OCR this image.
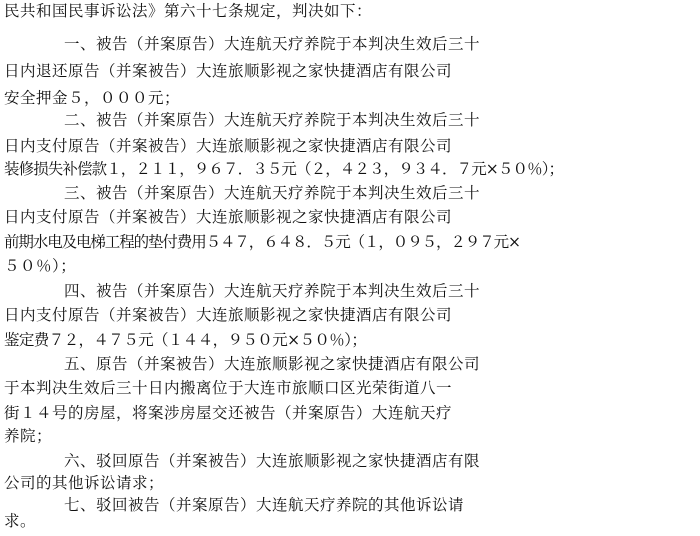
民共和国民事诉讼法》第六十七条规定，判决如下：
一、被告（并案原告）大连航天疗养院于本判决生效后三十
日内退还原告（并案被告）大连旅顺影视之家快捷酒店有限公司
安全押金５，０００元；
二、被告（并案原告）大连航天疗养院于本判决生效后三十
日内支付原告（并案被告）大连旅顺影视之家快捷酒店有限公司
装修损失补偿款１，２１１，９６７．３５元（２，４２３，９３４．７元×５０％）；
三、被告（并案原告）大连航天疗养院于本判决生效后三十
日内支付原告（并案被告）大连旅顺影视之家快捷酒店有限公司
前期水电及电梯工程的垫付费用５４７，６４８．５元（１，０９５，２９７元×
５０％）；
四、被告（并案原告）大连航天疗养院于本判决生效后三十
日内支付原告（并案被告）大连旅顺影视之家快捷酒店有限公司
鉴定费７２，４７５元（１４４，９５０元×５０％）；
五、原告（并案被告）大连旅顺影视之家快捷酒店有限公司
于本判决生效后三十日内搬离位于大连市旅顺口区光荣街道八一
街１４号的房屋，将案涉房屋交还被告（并案原告）大连航天疗
养院；
六、驳回原告（并案被告）大连旅顺影视之家快捷酒店有限
公司的其他诉讼请求；
七、驳回被告（并案原告）大连航天疗养院的其他诉讼请
求。
